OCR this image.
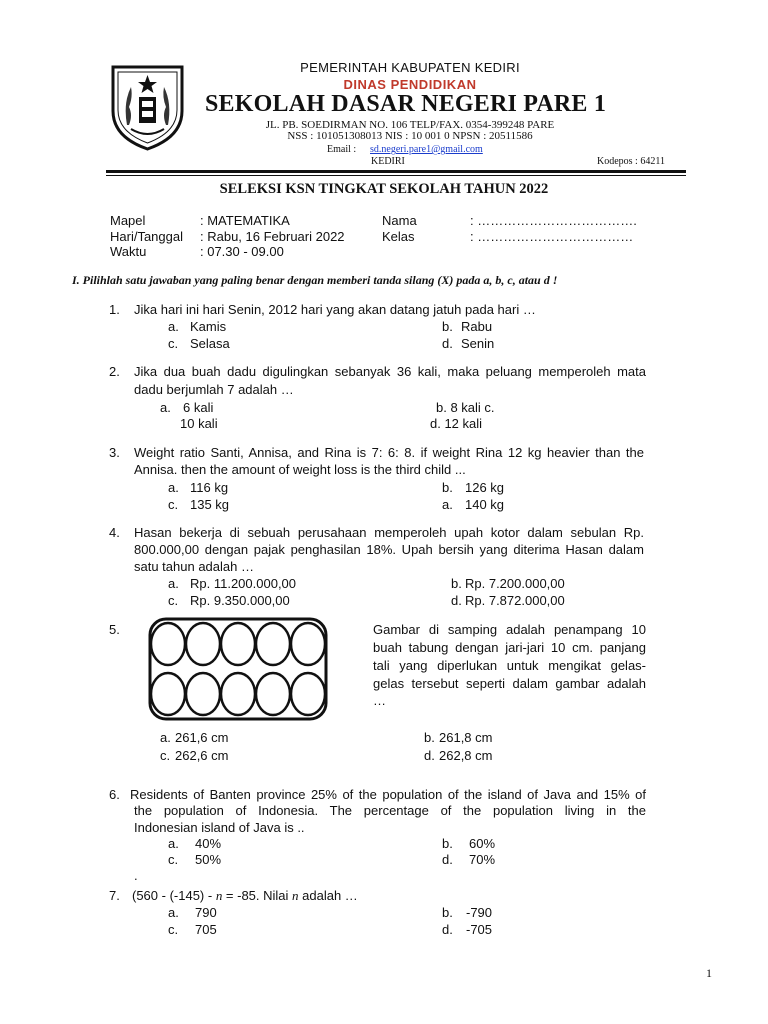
PEMERINTAH KABUPATEN KEDIRI
DINAS PENDIDIKAN
SEKOLAH DASAR NEGERI PARE 1
JL. PB. SOEDIRMAN NO. 106 TELP/FAX. 0354-399248 PARE
NSS : 101051308013 NIS : 10 001 0 NPSN : 20511586
Email : sd.negeri.pare1@gmail.com
KEDIRI	Kodepos : 64211
SELEKSI KSN TINGKAT SEKOLAH TAHUN 2022
Mapel	: MATEMATIKA
Hari/Tanggal : Rabu, 16 Februari 2022
Waktu	: 07.30 - 09.00
Nama	: ……………………………….
Kelas	: ………………………………
I. Pilihlah satu jawaban yang paling benar dengan memberi tanda silang (X) pada a, b, c, atau d !
1. Jika hari ini hari Senin, 2012 hari yang akan datang jatuh pada hari …
a. Kamis	b. Rabu
c. Selasa	d. Senin
2. Jika dua buah dadu digulingkan sebanyak 36 kali, maka peluang memperoleh mata
dadu berjumlah 7 adalah …
a. 6 kali	b. 8 kali c.
10 kali	d. 12 kali
3. Weight ratio Santi, Annisa, and Rina is 7: 6: 8. if weight Rina 12 kg heavier than the
Annisa. then the amount of weight loss is the third child ...
a. 116 kg	b. 126 kg
c. 135 kg	a. 140 kg
4. Hasan bekerja di sebuah perusahaan memperoleh upah kotor dalam sebulan Rp.
800.000,00 dengan pajak penghasilan 18%. Upah bersih yang diterima Hasan dalam
satu tahun adalah …
a. Rp. 11.200.000,00	b. Rp. 7.200.000,00
c. Rp. 9.350.000,00	d. Rp. 7.872.000,00
5.	Gambar di samping adalah penampang 10
buah tabung dengan jari-jari 10 cm. panjang
tali yang diperlukan untuk mengikat gelas-
gelas tersebut seperti dalam gambar adalah
…
a. 261,6 cm	b. 261,8 cm
c. 262,6 cm	d. 262,8 cm
6. Residents of Banten province 25% of the population of the island of Java and 15% of
the population of Indonesia. The percentage of the population living in the
Indonesian island of Java is ..
a. 40%	b. 60%
c. 50%	d. 70%
.
7. (560 - (-145) - n = -85. Nilai n adalah …
a. 790	b. -790
c. 705	d. -705
1
